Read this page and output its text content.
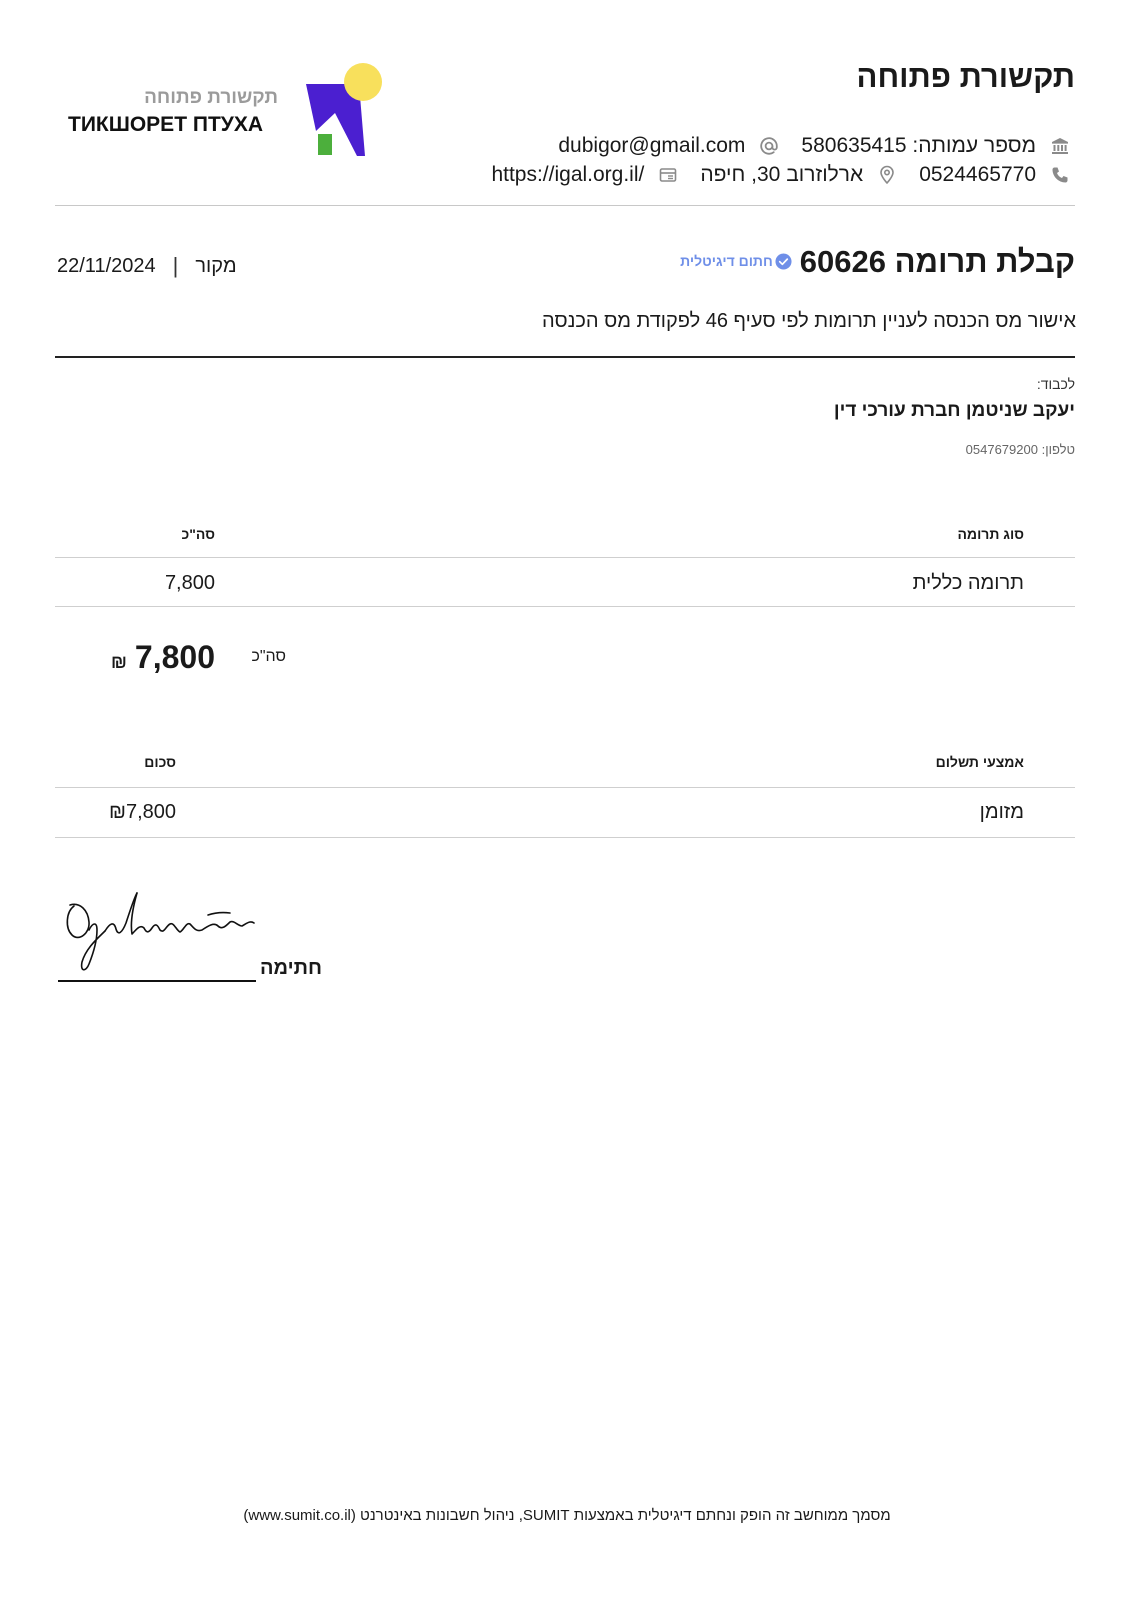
תקשורת פתוחה
ТИКШОРЕТ ПТУХА
תקשורת פתוחה
מספר עמותה: 580635415
dubigor@gmail.com
0524465770
ארלוזרוב 30, חיפה
https://igal.org.il/
קבלת תרומה 60626
חתום דיגיטלית
מקור
|
22/11/2024
אישור מס הכנסה לעניין תרומות לפי סעיף 46 לפקודת מס הכנסה
לכבוד:
יעקב שניטמן חברת עורכי דין
טלפון: 0547679200
סוג תרומה
סה"כ
תרומה כללית
7,800
סה"כ
7,800
₪
אמצעי תשלום
סכום
מזומן
₪7,800
חתימה
מסמך ממוחשב זה הופק ונחתם דיגיטלית באמצעות SUMIT, ניהול חשבונות באינטרנט (www.sumit.co.il)
